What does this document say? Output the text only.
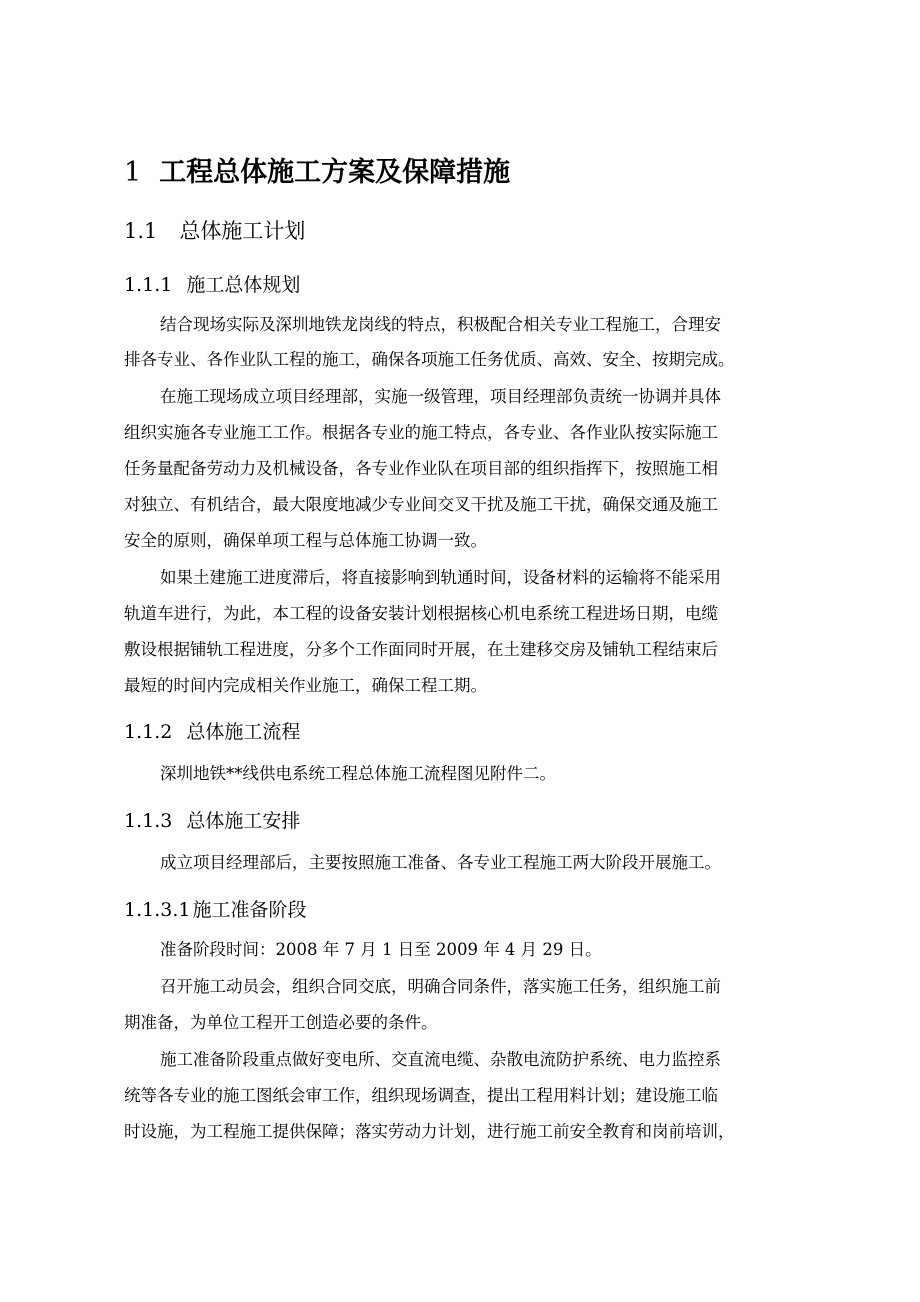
1 工程总体施工方案及保障措施
1.1 总体施工计划
1.1.1 施工总体规划
结合现场实际及深圳地铁龙岗线的特点，积极配合相关专业工程施工，合理安
排各专业、各作业队工程的施工，确保各项施工任务优质、高效、安全、按期完成。
在施工现场成立项目经理部，实施一级管理，项目经理部负责统一协调并具体
组织实施各专业施工工作。根据各专业的施工特点，各专业、各作业队按实际施工
任务量配备劳动力及机械设备，各专业作业队在项目部的组织指挥下，按照施工相
对独立、有机结合，最大限度地减少专业间交叉干扰及施工干扰，确保交通及施工
安全的原则，确保单项工程与总体施工协调一致。
如果土建施工进度滞后，将直接影响到轨通时间，设备材料的运输将不能采用
轨道车进行，为此，本工程的设备安装计划根据核心机电系统工程进场日期，电缆
敷设根据铺轨工程进度，分多个工作面同时开展，在土建移交房及铺轨工程结束后
最短的时间内完成相关作业施工，确保工程工期。
1.1.2 总体施工流程
深圳地铁**线供电系统工程总体施工流程图见附件二。
1.1.3 总体施工安排
成立项目经理部后，主要按照施工准备、各专业工程施工两大阶段开展施工。
1.1.3.1 施工准备阶段
准备阶段时间：2008 年 7 月 1 日至 2009 年 4 月 29 日。
召开施工动员会，组织合同交底，明确合同条件，落实施工任务，组织施工前
期准备，为单位工程开工创造必要的条件。
施工准备阶段重点做好变电所、交直流电缆、杂散电流防护系统、电力监控系
统等各专业的施工图纸会审工作，组织现场调查，提出工程用料计划；建设施工临
时设施，为工程施工提供保障；落实劳动力计划，进行施工前安全教育和岗前培训，
